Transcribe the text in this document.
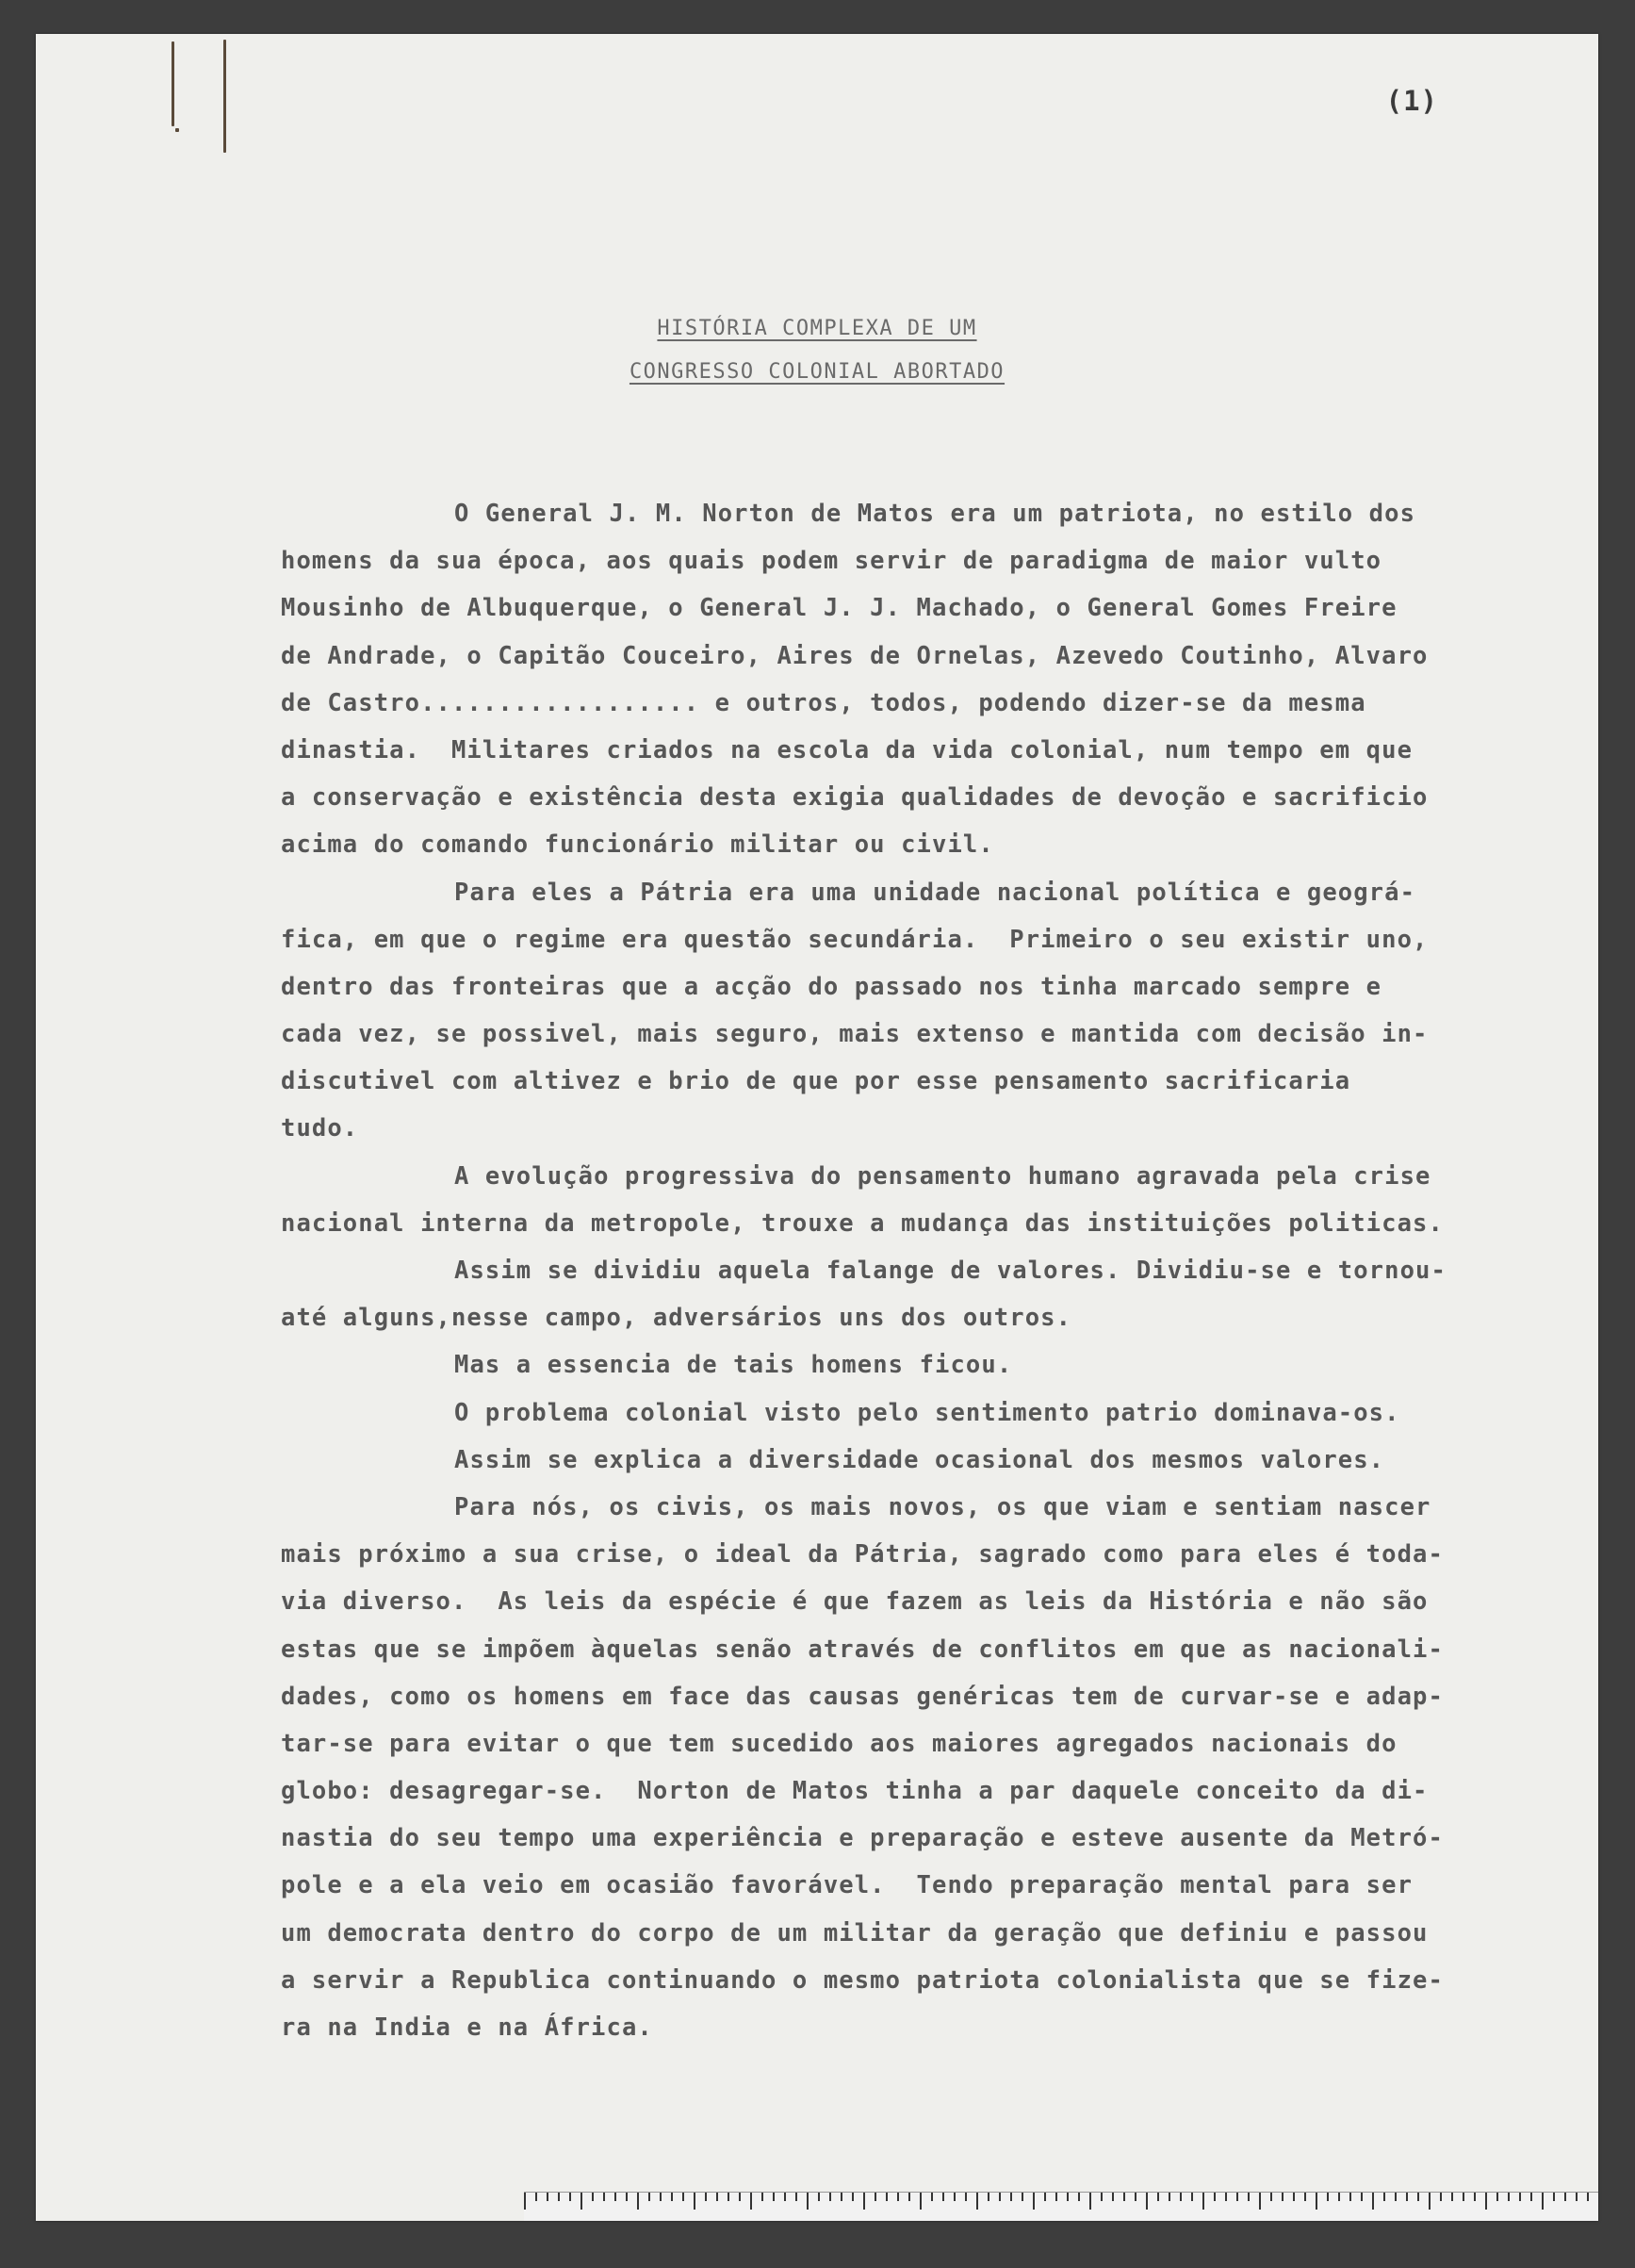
(1)
HISTÓRIA COMPLEXA DE UM
CONGRESSO COLONIAL ABORTADO
O General J. M. Norton de Matos era um patriota, no estilo dos
homens da sua época, aos quais podem servir de paradigma de maior vulto
Mousinho de Albuquerque, o General J. J. Machado, o General Gomes Freire
de Andrade, o Capitão Couceiro, Aires de Ornelas, Azevedo Coutinho, Alvaro
de Castro.................. e outros, todos, podendo dizer-se da mesma
dinastia.  Militares criados na escola da vida colonial, num tempo em que
a conservação e existência desta exigia qualidades de devoção e sacrificio
acima do comando funcionário militar ou civil.
Para eles a Pátria era uma unidade nacional política e geográ-
fica, em que o regime era questão secundária.  Primeiro o seu existir uno,
dentro das fronteiras que a acção do passado nos tinha marcado sempre e
cada vez, se possivel, mais seguro, mais extenso e mantida com decisão in-
discutivel com altivez e brio de que por esse pensamento sacrificaria
tudo.
A evolução progressiva do pensamento humano agravada pela crise
nacional interna da metropole, trouxe a mudança das instituições politicas.
Assim se dividiu aquela falange de valores. Dividiu-se e tornou-
até alguns,nesse campo, adversários uns dos outros.
Mas a essencia de tais homens ficou.
O problema colonial visto pelo sentimento patrio dominava-os.
Assim se explica a diversidade ocasional dos mesmos valores.
Para nós, os civis, os mais novos, os que viam e sentiam nascer
mais próximo a sua crise, o ideal da Pátria, sagrado como para eles é toda-
via diverso.  As leis da espécie é que fazem as leis da História e não são
estas que se impõem àquelas senão através de conflitos em que as nacionali-
dades, como os homens em face das causas genéricas tem de curvar-se e adap-
tar-se para evitar o que tem sucedido aos maiores agregados nacionais do
globo: desagregar-se.  Norton de Matos tinha a par daquele conceito da di-
nastia do seu tempo uma experiência e preparação e esteve ausente da Metró-
pole e a ela veio em ocasião favorável.  Tendo preparação mental para ser
um democrata dentro do corpo de um militar da geração que definiu e passou
a servir a Republica continuando o mesmo patriota colonialista que se fize-
ra na India e na África.
